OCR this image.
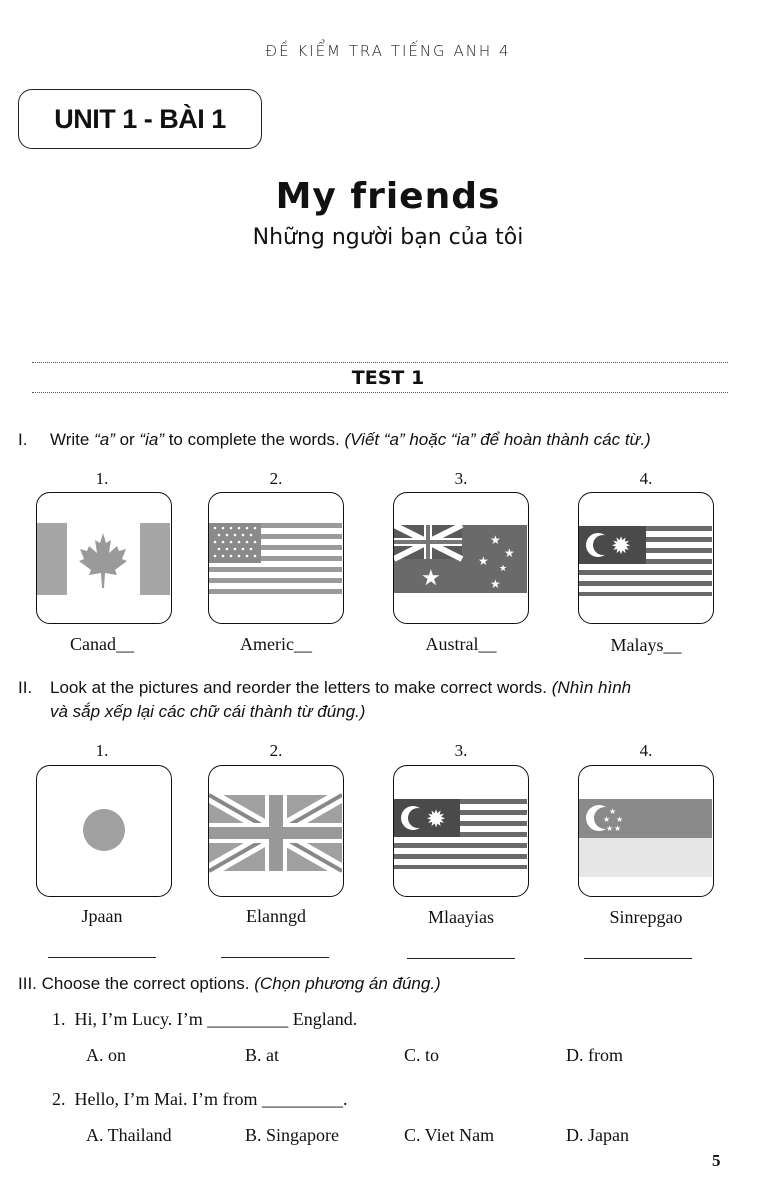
ĐỀ KIỂM TRA TIẾNG ANH 4
UNIT 1 - BÀI 1
My friends
Những người bạn của tôi
TEST 1
I. Write “a” or “ia” to complete the words. (Viết “a” hoặc “ia” để hoàn thành các từ.)
1.	2.	3.	4.
★
★
★
★
★
★
✹
Canad__	Americ__	Austral__	Malays__
II. Look at the pictures and reorder the letters to make correct words. (Nhìn hình
và sắp xếp lại các chữ cái thành từ đúng.)
1.	2.	3.	4.
✹	★
★ ★
★ ★
Jpaan	Elanngd	Mlaayias	Sinrepgao
III. Choose the correct options. (Chọn phương án đúng.)
1. Hi, I’m Lucy. I’m _________ England.
A. on	B. at	C. to	D. from
2. Hello, I’m Mai. I’m from _________.
A. Thailand	B. Singapore	C. Viet Nam	D. Japan
5
